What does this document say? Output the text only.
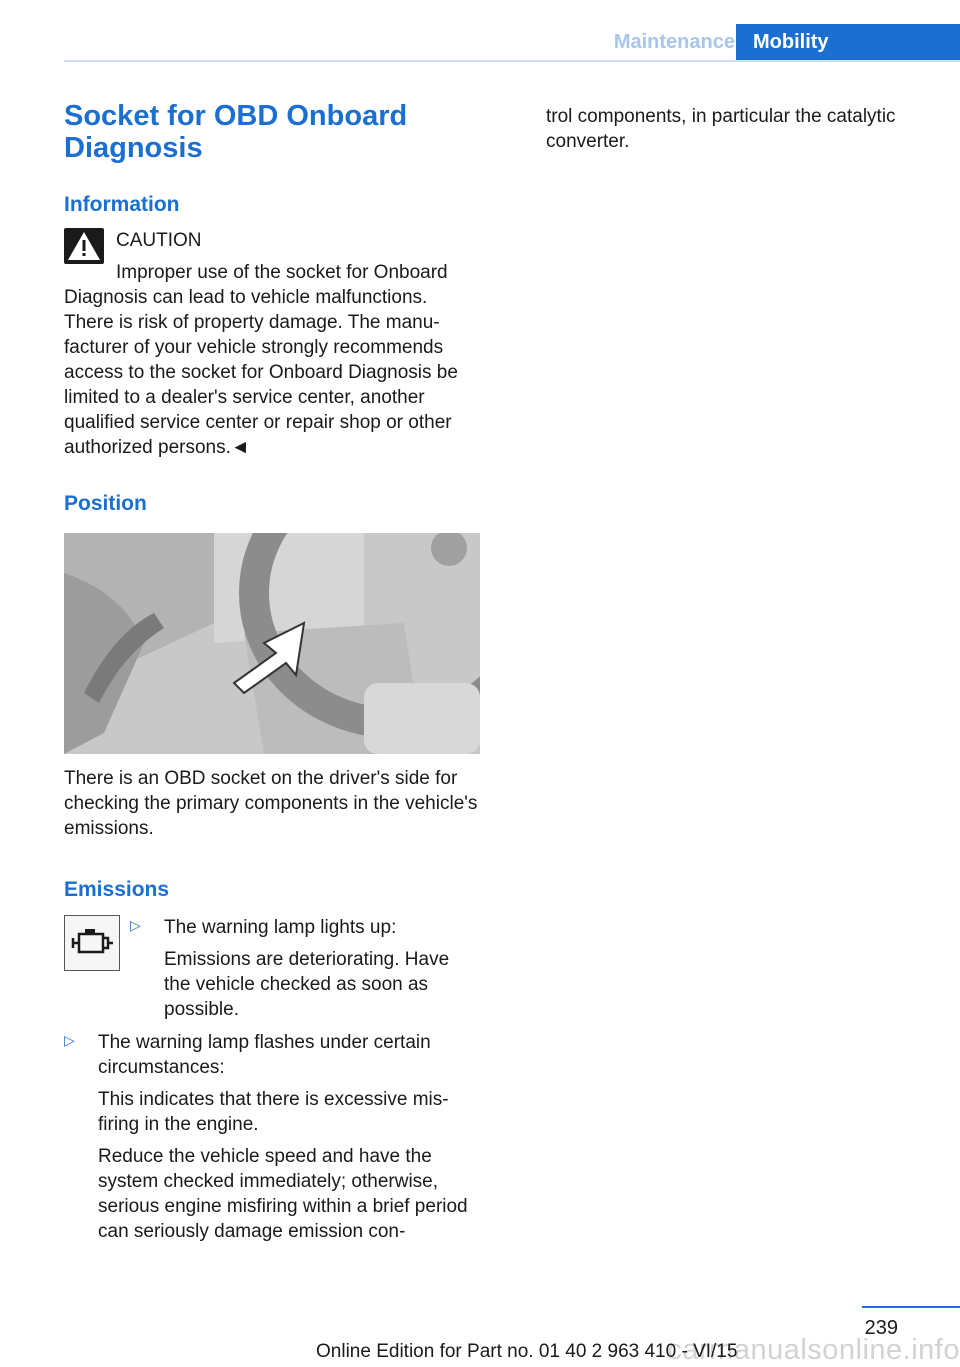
Maintenance Mobility
Socket for OBD Onboard Diagnosis
Information

CAUTION

Improper use of the socket for Onboard Diagnosis can lead to vehicle malfunctions. There is risk of property damage. The manufacturer of your vehicle strongly recommends access to the socket for Onboard Diagnosis be limited to a dealer's service center, another qualified service center or repair shop or other authorized persons.◄

Position

There is an OBD socket on the driver's side for checking the primary components in the vehicle's emissions.

Emissions
▷ The warning lamp lights up:

Emissions are deteriorating. Have the vehicle checked as soon as possible.

▷ The warning lamp flashes under certain circumstances:

This indicates that there is excessive misfiring in the engine.

Reduce the vehicle speed and have the system checked immediately; otherwise, serious engine misfiring within a brief period can seriously damage emission con-

trol components, in particular the catalytic converter.

239
carmanualsonline.info
Online Edition for Part no. 01 40 2 963 410 - VI/15
